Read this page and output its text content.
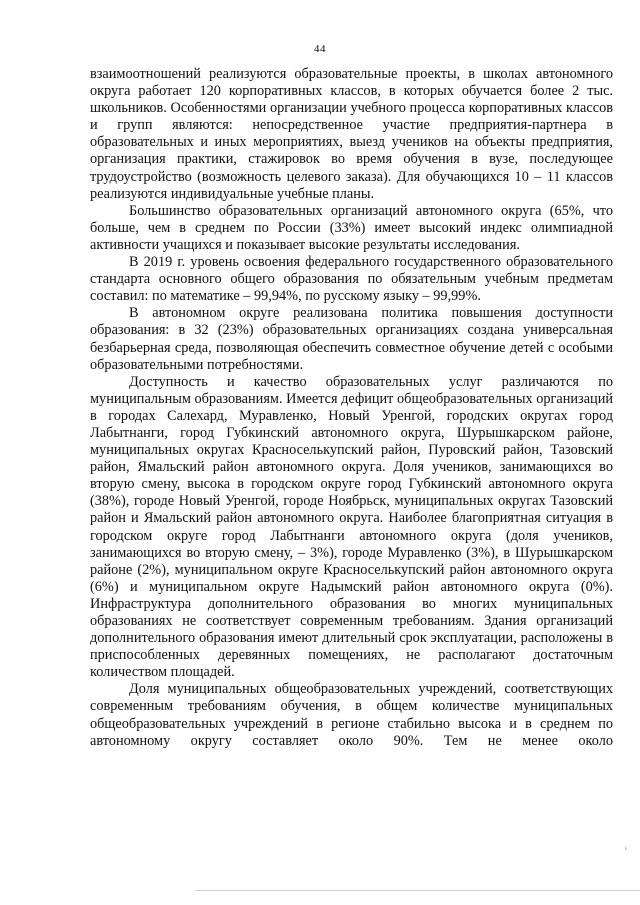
44

взаимоотношений реализуются образовательные проекты, в школах автономного округа работает 120 корпоративных классов, в которых обучается более 2 тыс. школьников. Особенностями организации учебного процесса корпоративных классов и групп являются: непосредственное участие предприятия-партнера в образовательных и иных мероприятиях, выезд учеников на объекты предприятия, организация практики, стажировок во время обучения в вузе, последующее трудоустройство (возможность целевого заказа). Для обучающихся 10 – 11 классов реализуются индивидуальные учебные планы.

Большинство образовательных организаций автономного округа (65%, что больше, чем в среднем по России (33%) имеет высокий индекс олимпиадной активности учащихся и показывает высокие результаты исследования.

В 2019 г. уровень освоения федерального государственного образовательного стандарта основного общего образования по обязательным учебным предметам составил: по математике – 99,94%, по русскому языку – 99,99%.

В автономном округе реализована политика повышения доступности образования: в 32 (23%) образовательных организациях создана универсальная безбарьерная среда, позволяющая обеспечить совместное обучение детей с особыми образовательными потребностями.

Доступность и качество образовательных услуг различаются по муниципальным образованиям. Имеется дефицит общеобразовательных организаций в городах Салехард, Муравленко, Новый Уренгой, городских округах город Лабытнанги, город Губкинский автономного округа, Шурышкарском районе, муниципальных округах Красноселькупский район, Пуровский район, Тазовский район, Ямальский район автономного округа. Доля учеников, занимающихся во вторую смену, высока в городском округе город Губкинский автономного округа (38%), городе Новый Уренгой, городе Ноябрьск, муниципальных округах Тазовский район и Ямальский район автономного округа. Наиболее благоприятная ситуация в городском округе город Лабытнанги автономного округа (доля учеников, занимающихся во вторую смену, – 3%), городе Муравленко (3%), в Шурышкарском районе (2%), муниципальном округе Красноселькупский район автономного округа (6%) и муниципальном округе Надымский район автономного округа (0%). Инфраструктура дополнительного образования во многих муниципальных образованиях не соответствует современным требованиям. Здания организаций дополнительного образования имеют длительный срок эксплуатации, расположены в приспособленных деревянных помещениях, не располагают достаточным количеством площадей.

Доля муниципальных общеобразовательных учреждений, соответствующих современным требованиям обучения, в общем количестве муниципальных общеобразовательных учреждений в регионе стабильно высока и в среднем по автономному округу составляет около 90%. Тем не менее около

›
